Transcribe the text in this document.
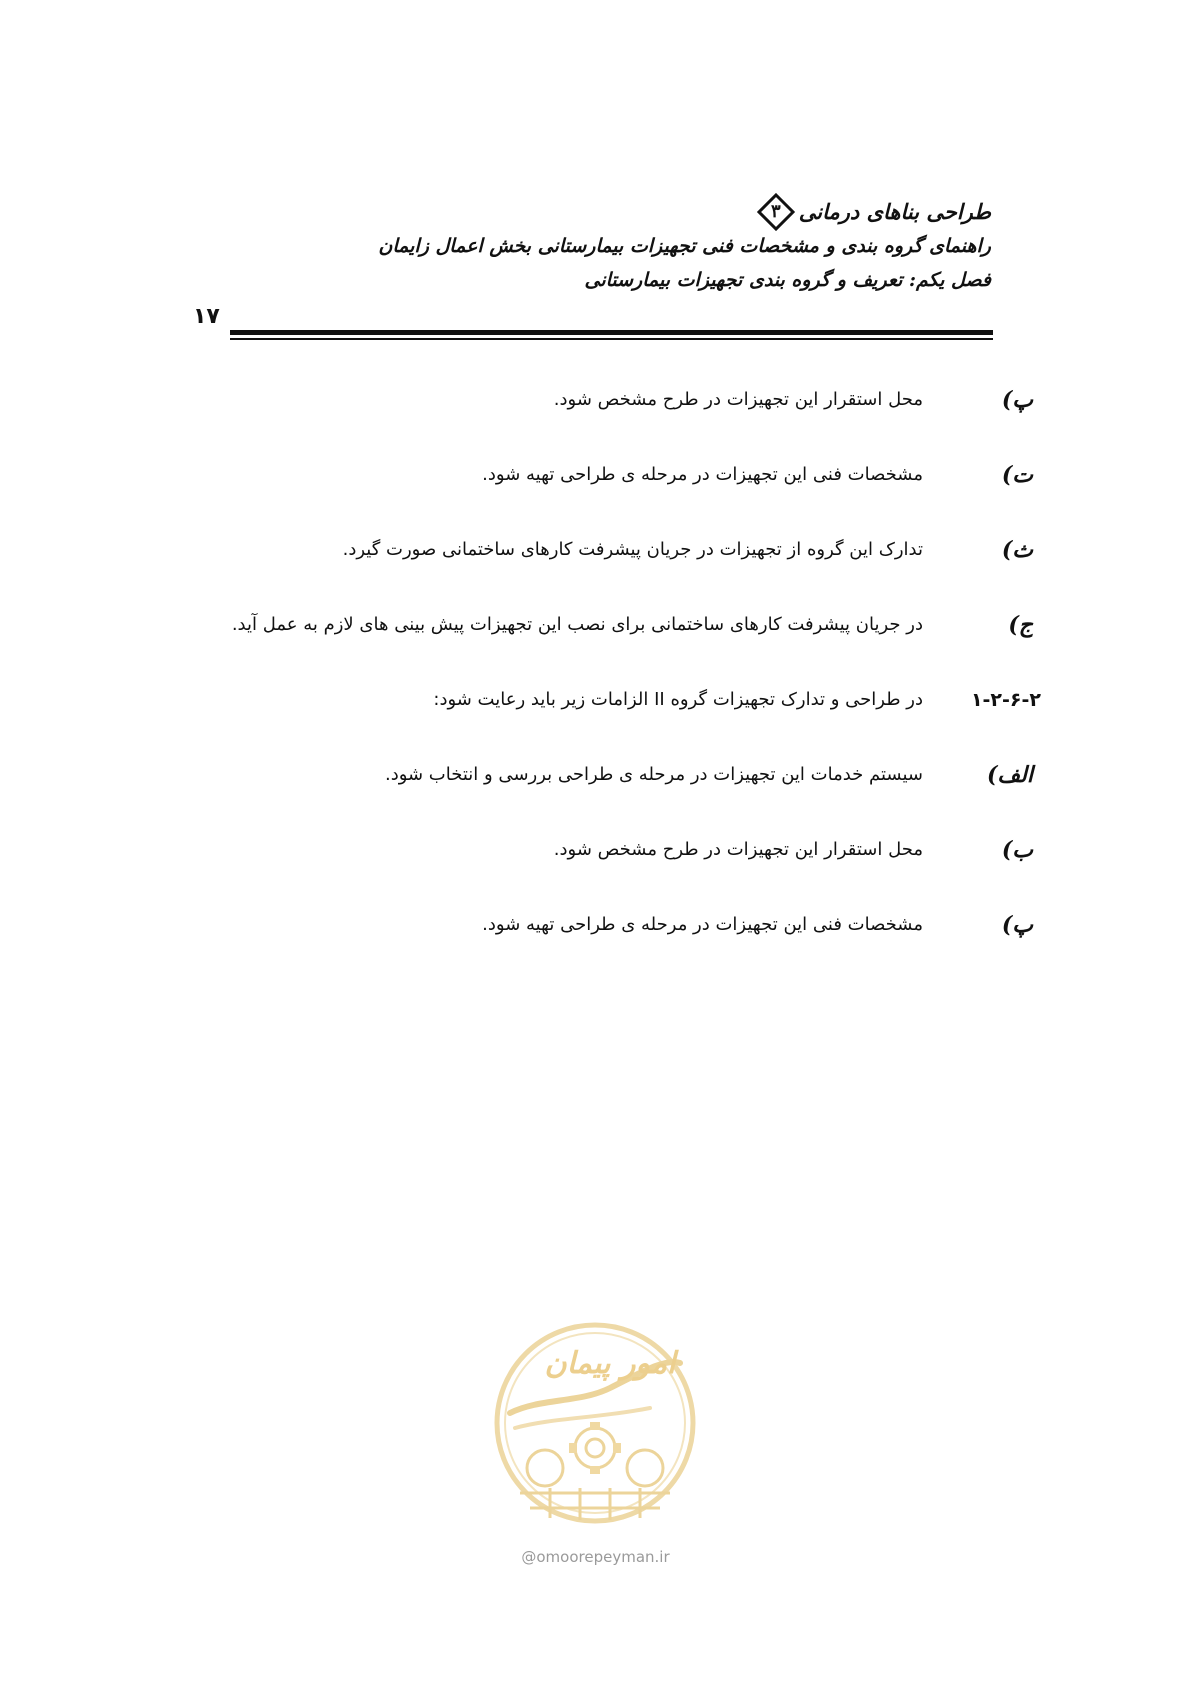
طراحی بناهای درمانی
۳
راهنمای گروه بندی و مشخصات فنی تجهیزات بیمارستانی بخش اعمال زایمان
فصل یکم: تعریف و گروه بندی تجهیزات بیمارستانی
۱۷
پ)
محل استقرار این تجهیزات در طرح مشخص شود.
ت)
مشخصات فنی این تجهیزات در مرحله ی طراحی تهیه شود.
ث)
تدارک این گروه از تجهیزات در جریان پیشرفت کارهای ساختمانی صورت گیرد.
ج)
در جریان پیشرفت کارهای ساختمانی برای نصب این تجهیزات پیش بینی های لازم به عمل آید.
۱-۲-۶-۲
در طراحی و تدارک تجهیزات گروه II الزامات زیر باید رعایت شود:
الف)
سیستم خدمات این تجهیزات در مرحله ی طراحی بررسی و انتخاب شود.
ب)
محل استقرار این تجهیزات در طرح مشخص شود.
پ)
مشخصات فنی این تجهیزات در مرحله ی طراحی تهیه شود.
امور پیمان
@omoorepeyman.ir
